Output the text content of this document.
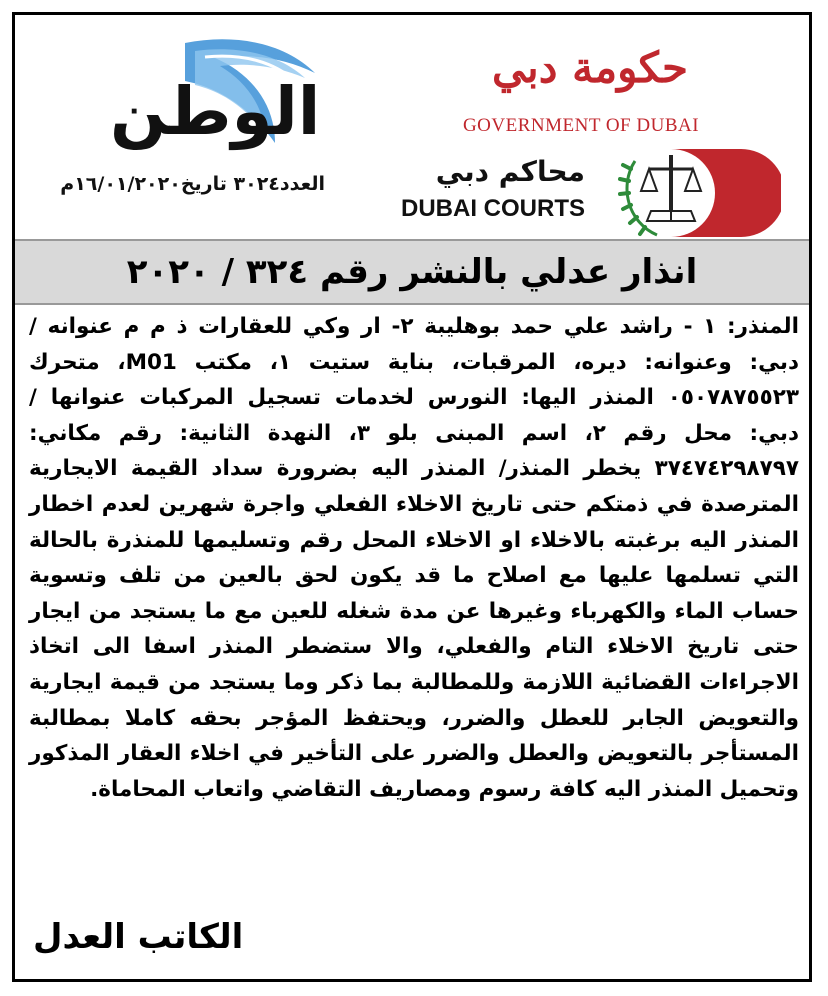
الوطن
العدد٣٠٢٤ تاريخ١٦/٠١/٢٠٢٠م
حكومة دبي
GOVERNMENT OF DUBAI
محاكم دبي
DUBAI COURTS
انذار عدلي بالنشر رقم ٣٢٤ / ٢٠٢٠

المنذر: ١ - راشد علي حمد بوهليبة ٢- ار وكي للعقارات ذ م م عنوانه / دبي: وعنوانه: ديره، المرقبات، بناية ستيت ١، مكتب M01، متحرك ٠٥٠٧٨٧٥٥٢٣ المنذر اليها: النورس لخدمات تسجيل المركبات عنوانها / دبي: محل رقم ٢، اسم المبنى بلو ٣، النهدة الثانية: رقم مكاني: ٣٧٤٧٤٢٩٨٧٩٧ يخطر المنذر/ المنذر اليه بضرورة سداد القيمة الايجارية المترصدة في ذمتكم حتى تاريخ الاخلاء الفعلي واجرة شهرين لعدم اخطار المنذر اليه برغبته بالاخلاء او الاخلاء المحل رقم وتسليمها للمنذرة بالحالة التي تسلمها عليها مع اصلاح ما قد يكون لحق بالعين من تلف وتسوية حساب الماء والكهرباء وغيرها عن مدة شغله للعين مع ما يستجد من ايجار حتى تاريخ الاخلاء التام والفعلي، والا ستضطر المنذر اسفا الى اتخاذ الاجراءات القضائية اللازمة وللمطالبة بما ذكر وما يستجد من قيمة ايجارية والتعويض الجابر للعطل والضرر، ويحتفظ المؤجر بحقه كاملا بمطالبة المستأجر بالتعويض والعطل والضرر على التأخير في اخلاء العقار المذكور وتحميل المنذر اليه كافة رسوم ومصاريف التقاضي واتعاب المحاماة.

الكاتب العدل
